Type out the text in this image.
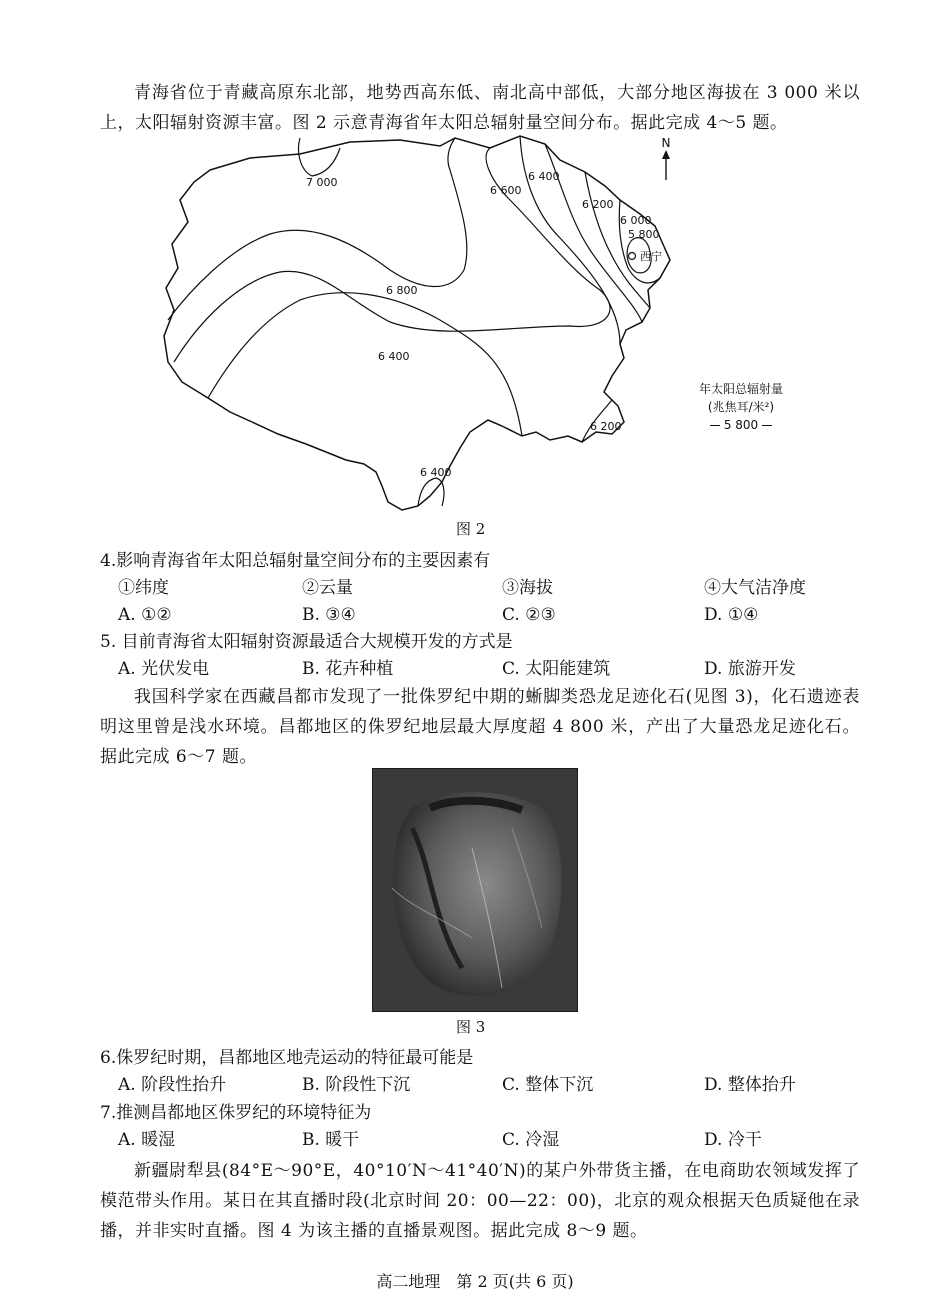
青海省位于青藏高原东北部，地势西高东低、南北高中部低，大部分地区海拔在 3 000 米以上，太阳辐射资源丰富。图 2 示意青海省年太阳总辐射量空间分布。据此完成 4～5 题。
N
7 000
6 600
6 400
6 200
6 000
5 800
西宁
6 800
6 400
6 200
6 400
年太阳总辐射量
(兆焦耳/米²)
5 800
图 2
4.影响青海省年太阳总辐射量空间分布的主要因素有
①纬度	②云量	③海拔	④大气洁净度
A. ①②	B. ③④	C. ②③	D. ①④
5. 目前青海省太阳辐射资源最适合大规模开发的方式是
A. 光伏发电	B. 花卉种植	C. 太阳能建筑	D. 旅游开发
我国科学家在西藏昌都市发现了一批侏罗纪中期的蜥脚类恐龙足迹化石(见图 3)，化石遗迹表明这里曾是浅水环境。昌都地区的侏罗纪地层最大厚度超 4 800 米，产出了大量恐龙足迹化石。据此完成 6～7 题。
图 3
6.侏罗纪时期，昌都地区地壳运动的特征最可能是
A. 阶段性抬升	B. 阶段性下沉	C. 整体下沉	D. 整体抬升
7.推测昌都地区侏罗纪的环境特征为
A. 暖湿	B. 暖干	C. 冷湿	D. 冷干
新疆尉犁县(84°E～90°E，40°10′N～41°40′N)的某户外带货主播，在电商助农领域发挥了模范带头作用。某日在其直播时段(北京时间 20：00—22：00)，北京的观众根据天色质疑他在录播，并非实时直播。图 4 为该主播的直播景观图。据此完成 8～9 题。
高二地理　第 2 页(共 6 页)
